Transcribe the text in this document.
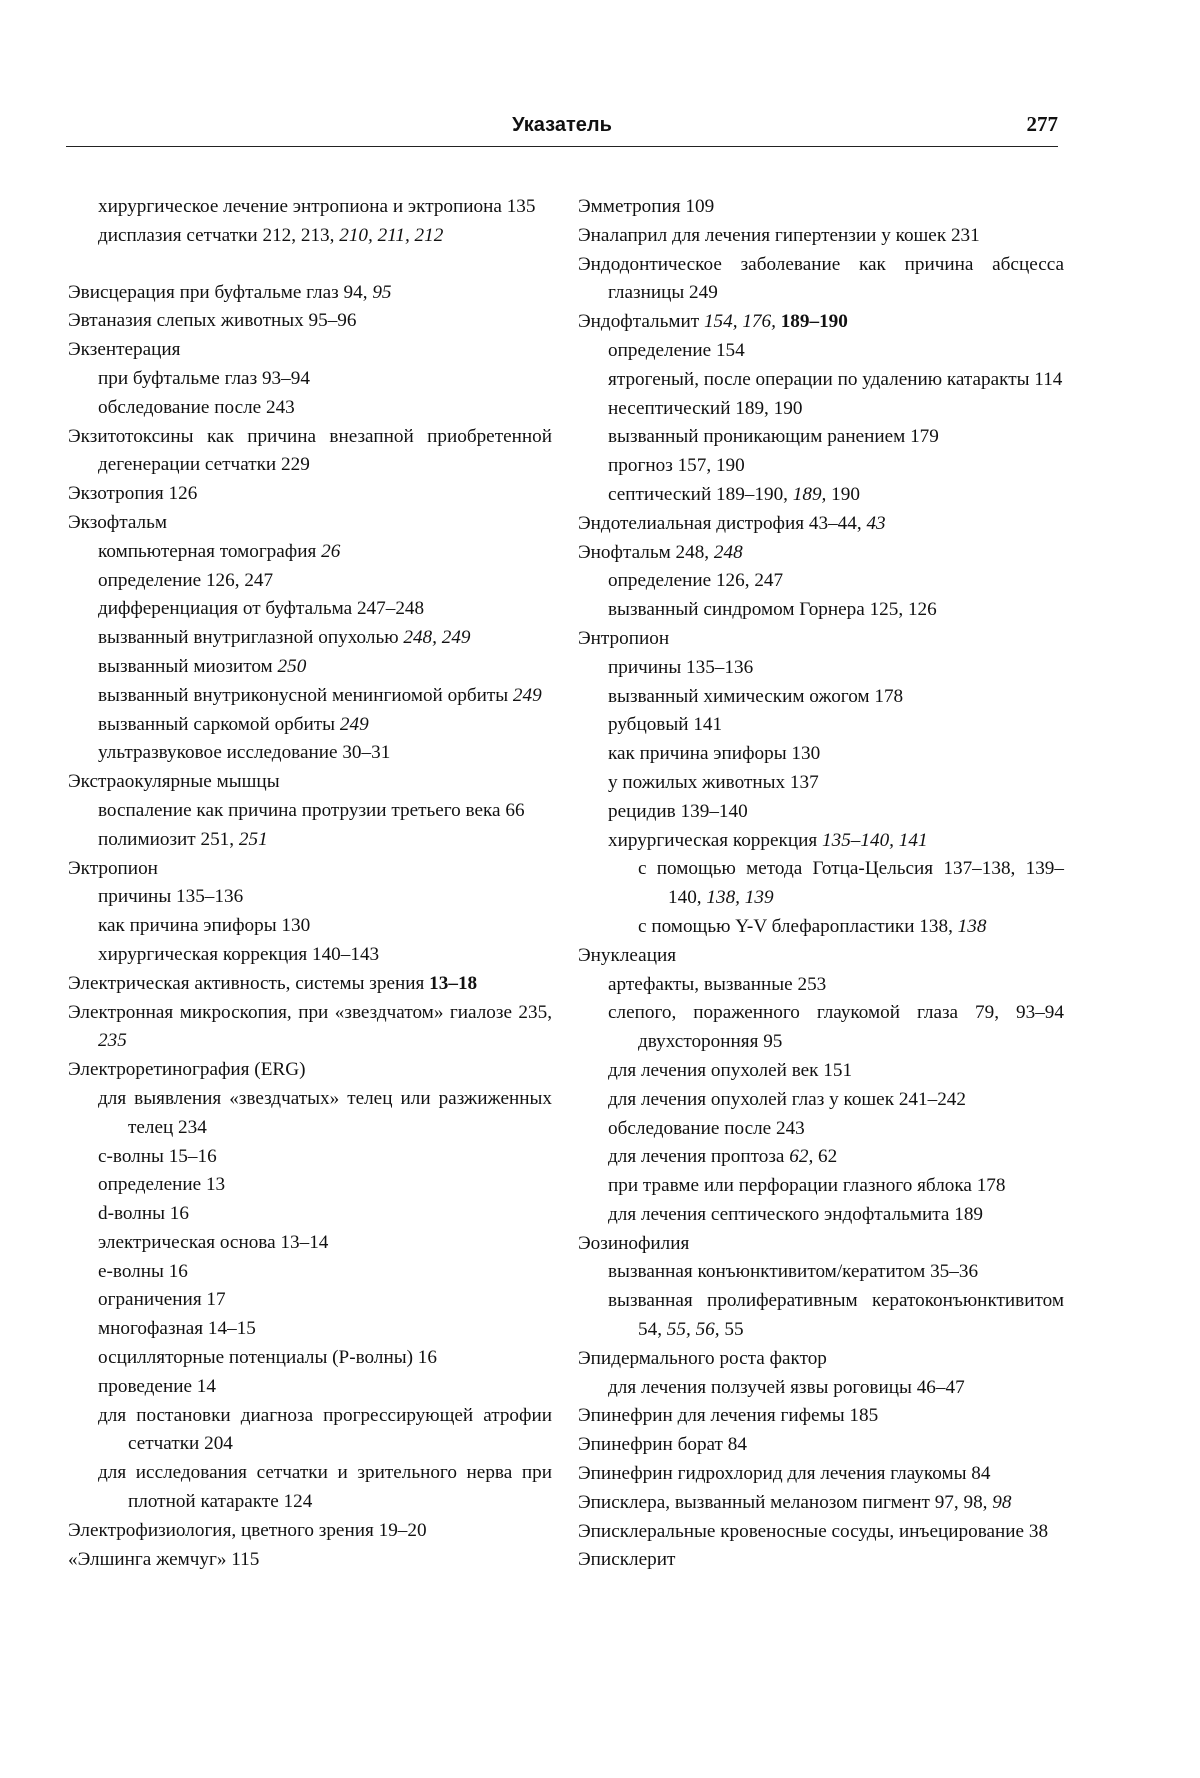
Указатель	277

хирургическое лечение энтропиона и эктропиона 135

дисплазия сетчатки 212, 213, 210, 211, 212

Эвисцерация при буфтальме глаз 94, 95

Эвтаназия слепых животных 95–96

Экзентерация

при буфтальме глаз 93–94

обследование после 243

Экзитотоксины как причина внезапной приобретенной дегенерации сетчатки 229

Экзотропия 126

Экзофтальм

компьютерная томография 26

определение 126, 247

дифференциация от буфтальма 247–248

вызванный внутриглазной опухолью 248, 249

вызванный миозитом 250

вызванный внутриконусной менингиомой орбиты 249

вызванный саркомой орбиты 249

ультразвуковое исследование 30–31

Экстраокулярные мышцы

воспаление как причина протрузии третьего века 66

полимиозит 251, 251

Эктропион

причины 135–136

как причина эпифоры 130

хирургическая коррекция 140–143

Электрическая активность, системы зрения 13–18

Электронная микроскопия, при «звездчатом» гиалозе 235, 235

Электроретинография (ERG)

для выявления «звездчатых» телец или разжиженных телец 234

с-волны 15–16

определение 13

d-волны 16

электрическая основа 13–14

е-волны 16

ограничения 17

многофазная 14–15

осцилляторные потенциалы (Р-волны) 16

проведение 14

для постановки диагноза прогрессирующей атрофии сетчатки 204

для исследования сетчатки и зрительного нерва при плотной катаракте 124

Электрофизиология, цветного зрения 19–20

«Элшинга жемчуг» 115

Эмметропия 109

Эналаприл для лечения гипертензии у кошек 231

Эндодонтическое заболевание как причина абсцесса глазницы 249

Эндофтальмит 154, 176, 189–190

определение 154

ятрогеный, после операции по удалению катаракты 114

несептический 189, 190

вызванный проникающим ранением 179

прогноз 157, 190

септический 189–190, 189, 190

Эндотелиальная дистрофия 43–44, 43

Энофтальм 248, 248

определение 126, 247

вызванный синдромом Горнера 125, 126

Энтропион

причины 135–136

вызванный химическим ожогом 178

рубцовый 141

как причина эпифоры 130

у пожилых животных 137

рецидив 139–140

хирургическая коррекция 135–140, 141

с помощью метода Готца-Цельсия 137–138, 139–140, 138, 139

с помощью Y-V блефаропластики 138, 138

Энуклеация

артефакты, вызванные 253

слепого, пораженного глаукомой глаза 79, 93–94 двухсторонняя 95

для лечения опухолей век 151

для лечения опухолей глаз у кошек 241–242

обследование после 243

для лечения проптоза 62, 62

при травме или перфорации глазного яблока 178

для лечения септического эндофтальмита 189

Эозинофилия

вызванная конъюнктивитом/кератитом 35–36

вызванная пролиферативным кератоконъюнктивитом 54, 55, 56, 55

Эпидермального роста фактор

для лечения ползучей язвы роговицы 46–47

Эпинефрин для лечения гифемы 185

Эпинефрин борат 84

Эпинефрин гидрохлорид для лечения глаукомы 84

Эписклера, вызванный меланозом пигмент 97, 98, 98

Эписклеральные кровеносные сосуды, инъецирование 38

Эписклерит
